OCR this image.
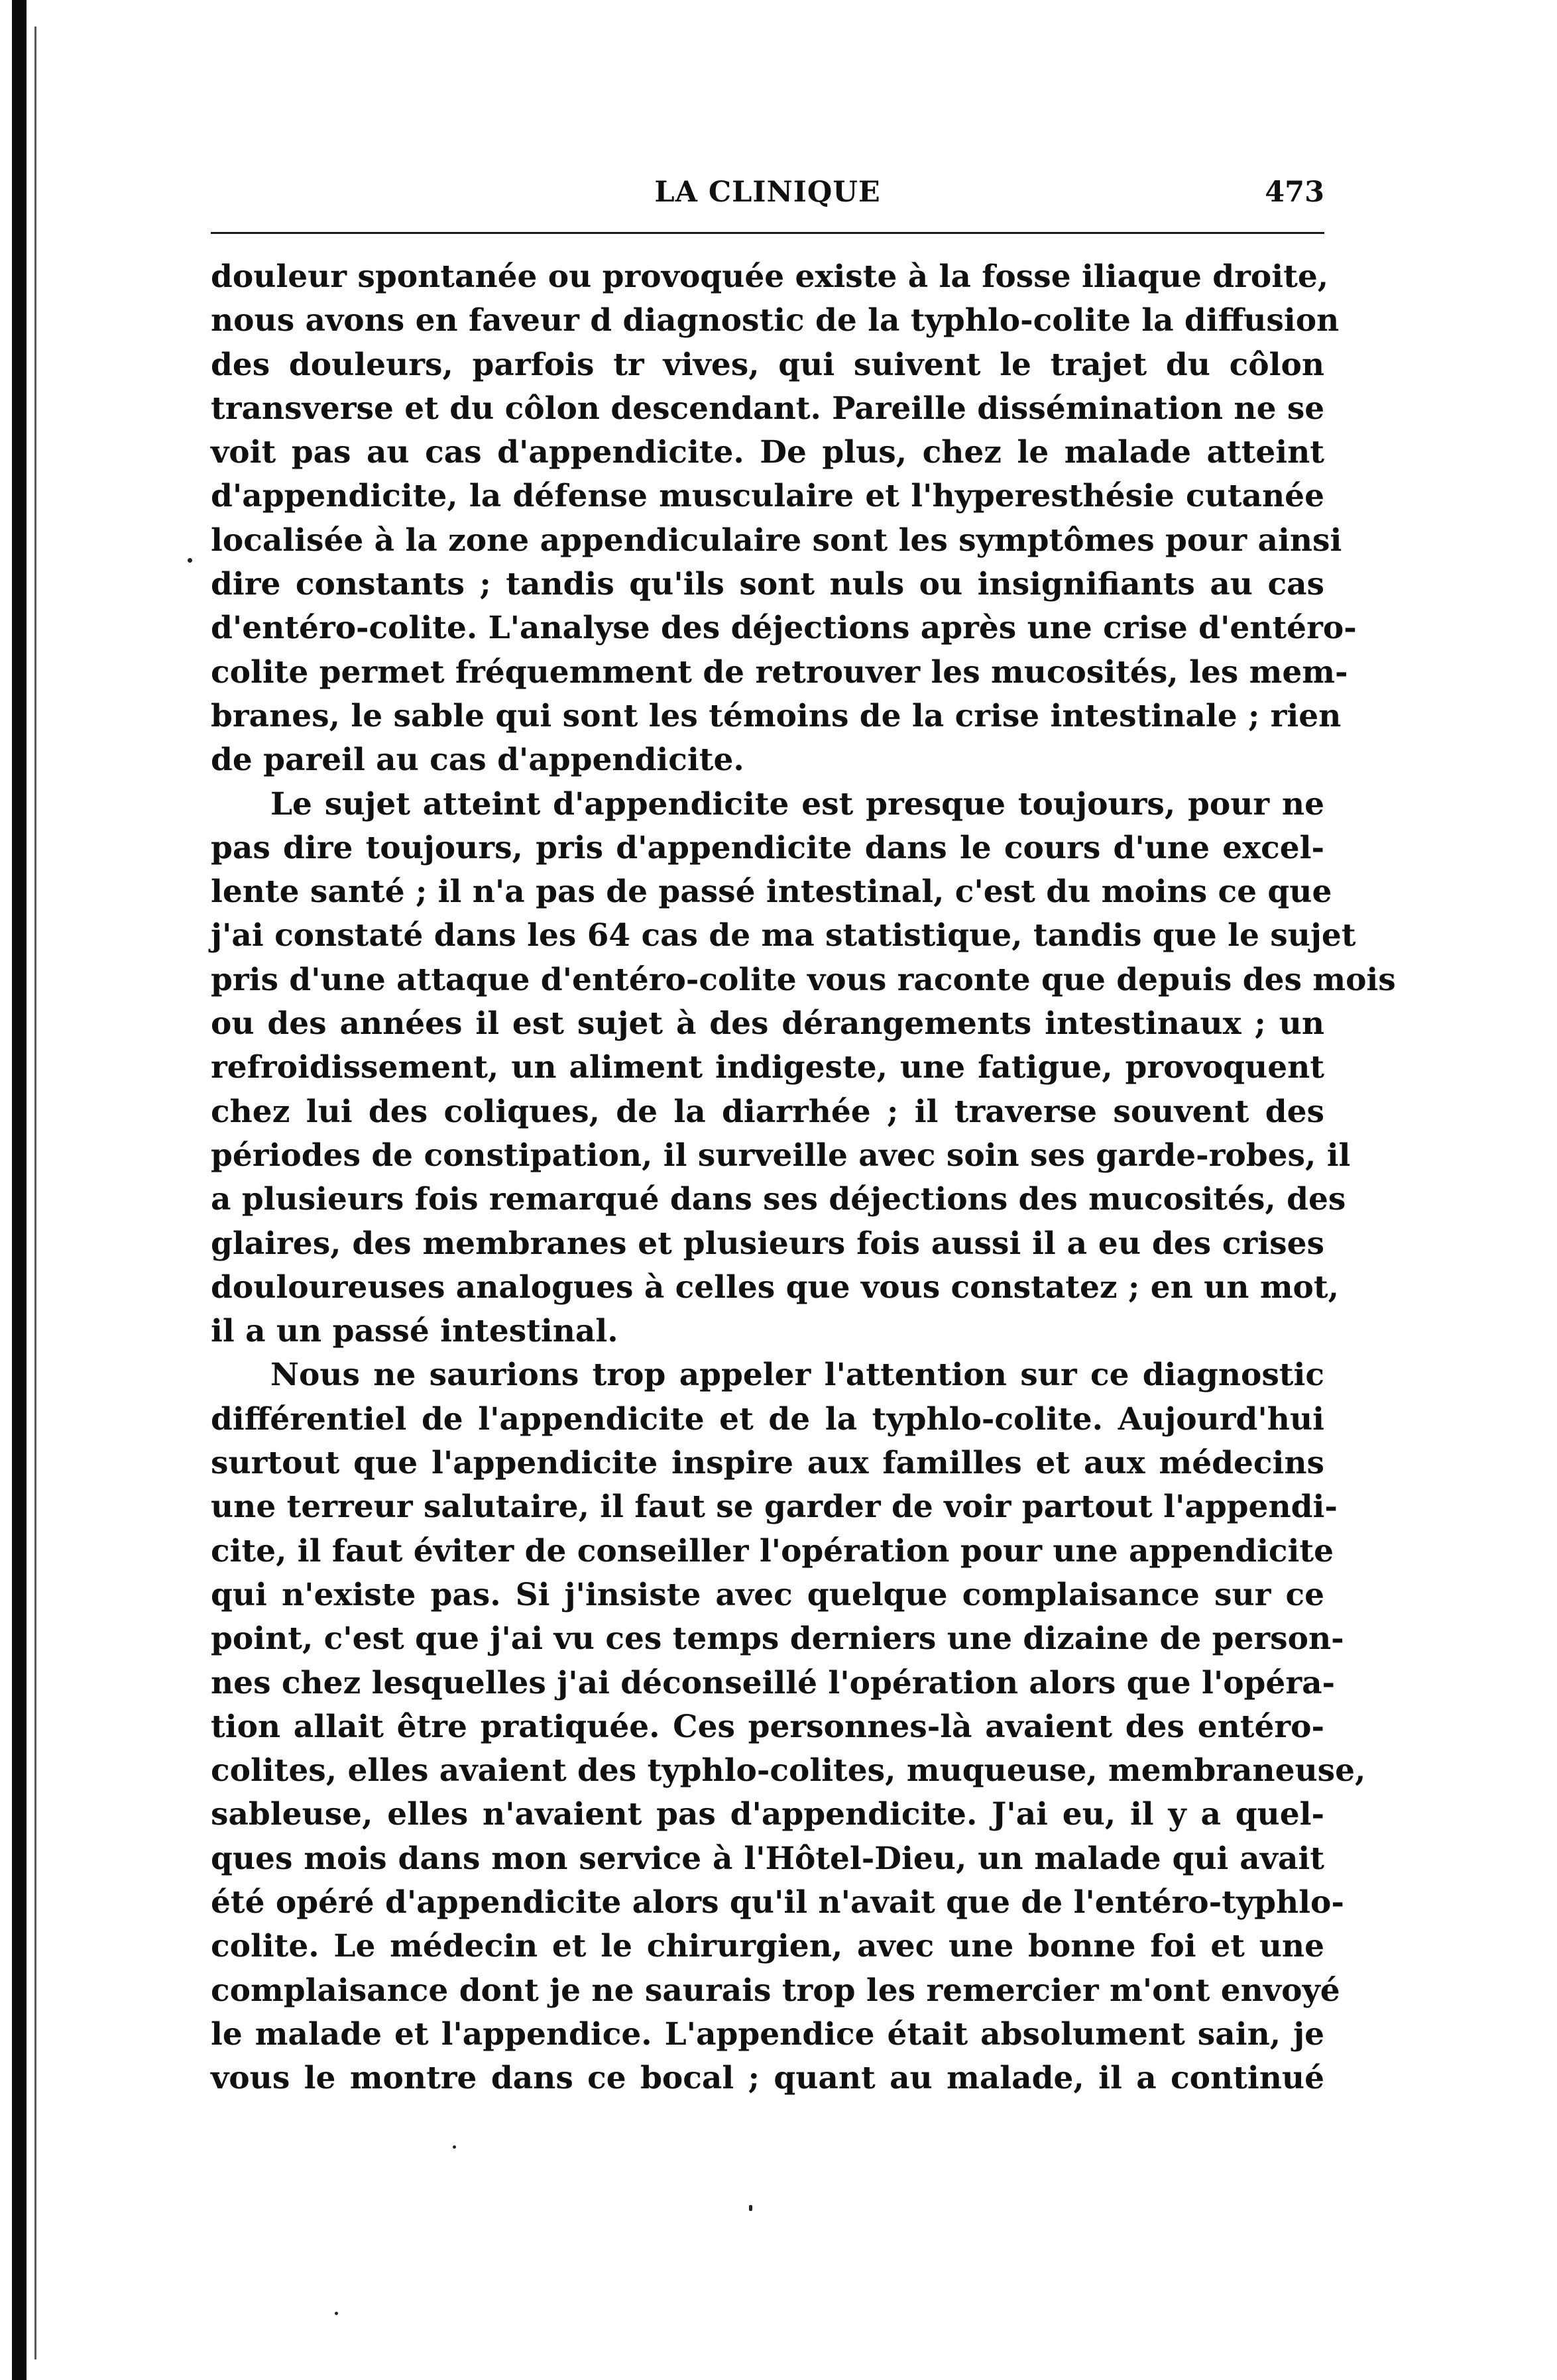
LA CLINIQUE	473
douleur spontanée ou provoquée existe à la fosse iliaque droite,
nous avons en faveur d diagnostic de la typhlo-colite la diffusion
des douleurs, parfois tr vives, qui suivent le trajet du côlon
transverse et du côlon descendant. Pareille dissémination ne se
voit pas au cas d'appendicite. De plus, chez le malade atteint
d'appendicite, la défense musculaire et l'hyperesthésie cutanée
localisée à la zone appendiculaire sont les symptômes pour ainsi
dire constants ; tandis qu'ils sont nuls ou insignifiants au cas
d'entéro-colite. L'analyse des déjections après une crise d'entéro-
colite permet fréquemment de retrouver les mucosités, les mem-
branes, le sable qui sont les témoins de la crise intestinale ; rien
de pareil au cas d'appendicite.
Le sujet atteint d'appendicite est presque toujours, pour ne
pas dire toujours, pris d'appendicite dans le cours d'une excel-
lente santé ; il n'a pas de passé intestinal, c'est du moins ce que
j'ai constaté dans les 64 cas de ma statistique, tandis que le sujet
pris d'une attaque d'entéro-colite vous raconte que depuis des mois
ou des années il est sujet à des dérangements intestinaux ; un
refroidissement, un aliment indigeste, une fatigue, provoquent
chez lui des coliques, de la diarrhée ; il traverse souvent des
périodes de constipation, il surveille avec soin ses garde-robes, il
a plusieurs fois remarqué dans ses déjections des mucosités, des
glaires, des membranes et plusieurs fois aussi il a eu des crises
douloureuses analogues à celles que vous constatez ; en un mot,
il a un passé intestinal.
Nous ne saurions trop appeler l'attention sur ce diagnostic
différentiel de l'appendicite et de la typhlo-colite. Aujourd'hui
surtout que l'appendicite inspire aux familles et aux médecins
une terreur salutaire, il faut se garder de voir partout l'appendi-
cite, il faut éviter de conseiller l'opération pour une appendicite
qui n'existe pas. Si j'insiste avec quelque complaisance sur ce
point, c'est que j'ai vu ces temps derniers une dizaine de person-
nes chez lesquelles j'ai déconseillé l'opération alors que l'opéra-
tion allait être pratiquée. Ces personnes-là avaient des entéro-
colites, elles avaient des typhlo-colites, muqueuse, membraneuse,
sableuse, elles n'avaient pas d'appendicite. J'ai eu, il y a quel-
ques mois dans mon service à l'Hôtel-Dieu, un malade qui avait
été opéré d'appendicite alors qu'il n'avait que de l'entéro-typhlo-
colite. Le médecin et le chirurgien, avec une bonne foi et une
complaisance dont je ne saurais trop les remercier m'ont envoyé
le malade et l'appendice. L'appendice était absolument sain, je
vous le montre dans ce bocal ; quant au malade, il a continué
